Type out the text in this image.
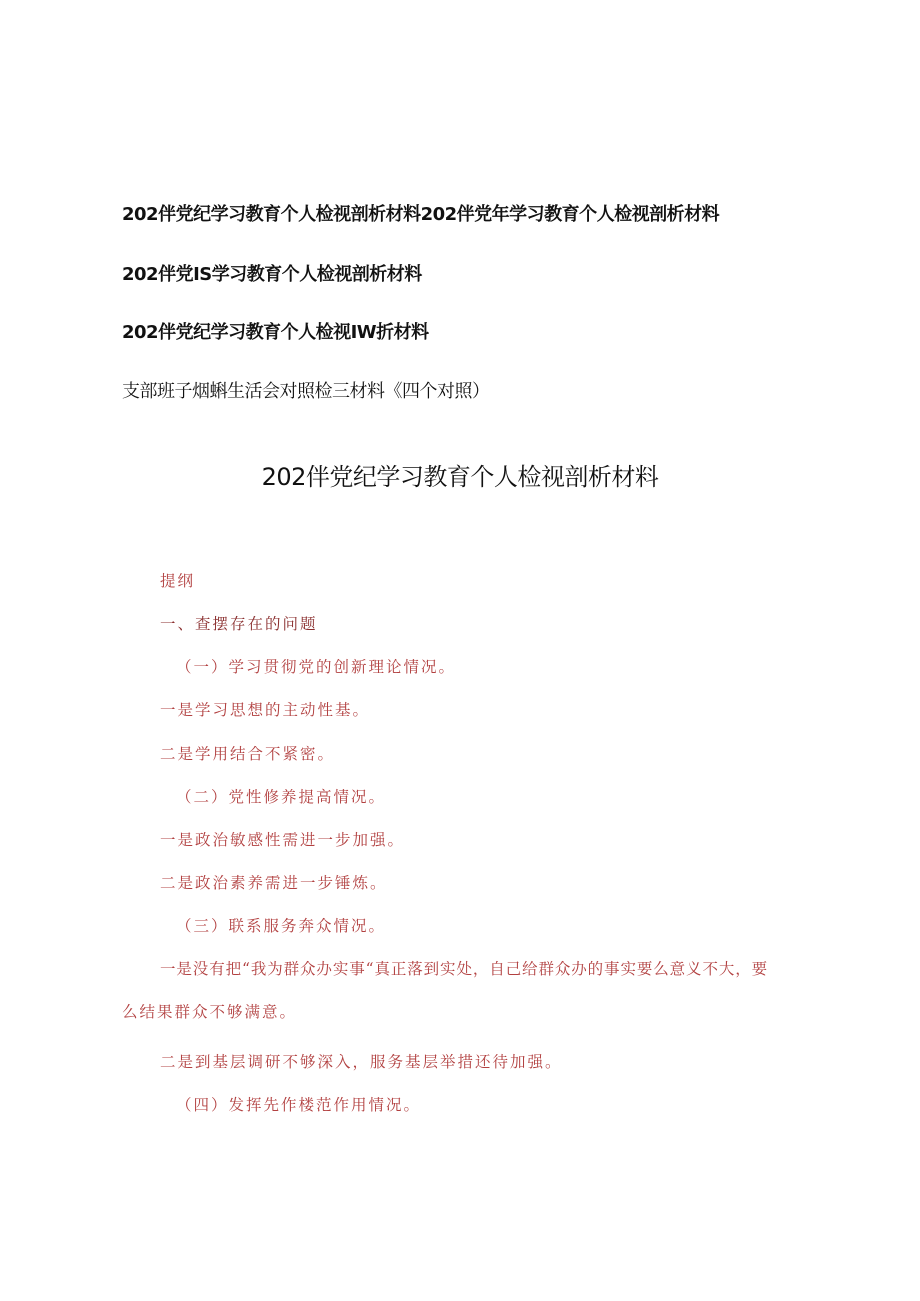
202伴党纪学习教育个人检视剖析材料202伴党年学习教育个人检视剖析材料
202伴党IS学习教育个人检视剖析材料
202伴党纪学习教育个人检视IW折材料
支部班子烟蝌生活会对照检三材料《四个对照）
202伴党纪学习教育个人检视剖析材料
提纲
一、查摆存在的问题
（一）学习贯彻党的创新理论情况。
一是学习思想的主动性基。
二是学用结合不紧密。
（二）党性修养提高情况。
一是政治敏感性需进一步加强。
二是政治素养需进一步锤炼。
（三）联系服务奔众情况。
一是没有把“我为群众办实事“真正落到实处，自己给群众办的事实要么意义不大，要
么结果群众不够满意。
二是到基层调研不够深入，服务基层举措还待加强。
（四）发挥先作楼范作用情况。
